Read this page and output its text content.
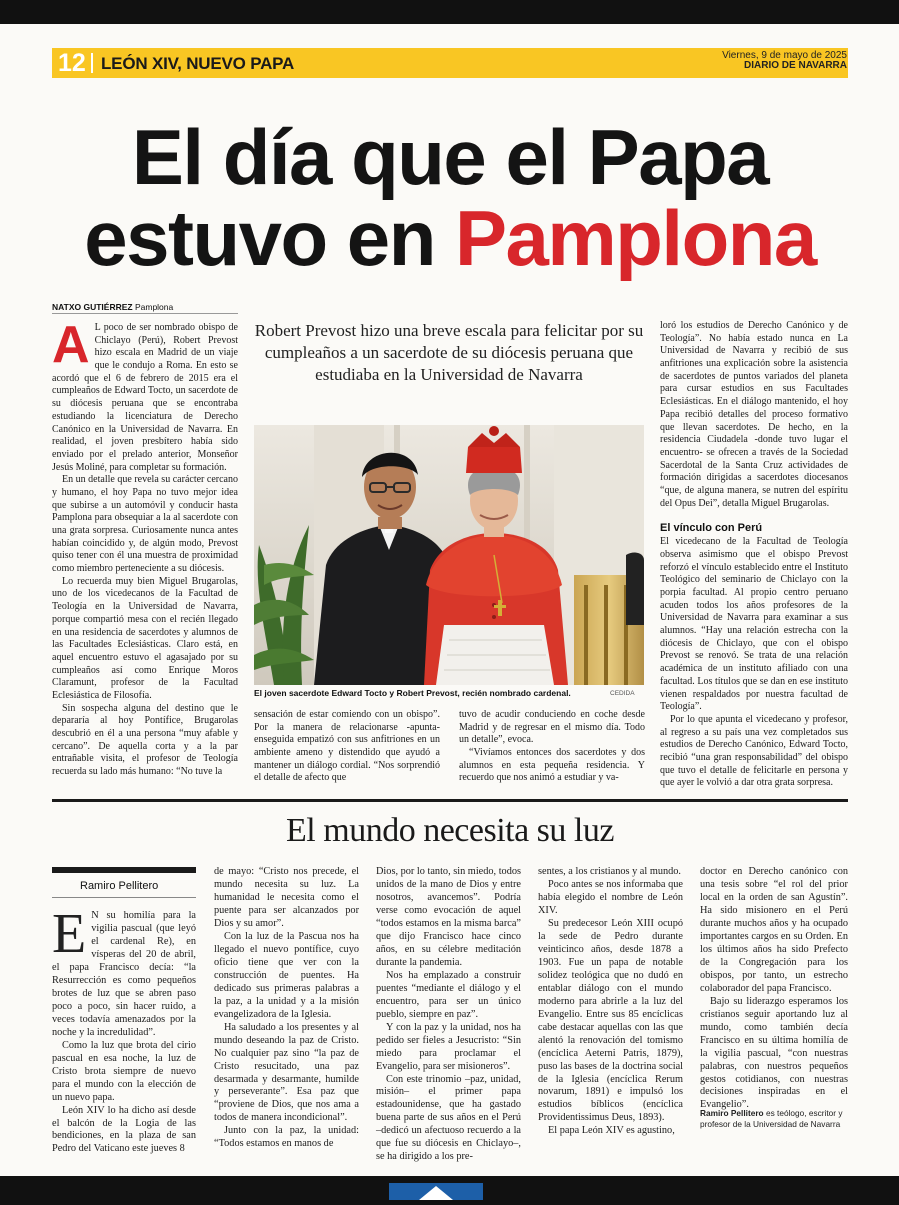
12 LEÓN XIV, NUEVO PAPA	Viernes, 9 de mayo de 2025
DIARIO DE NAVARRA
El día que el Papa
estuvo en Pamplona
NATXO GUTIÉRREZ Pamplona

A L poco de ser nombrado obispo de Chiclayo (Perú), Robert Prevost hizo escala en Madrid de un viaje que le condujo a Roma. En esto se acordó que el 6 de febrero de 2015 era el cumpleaños de Edward Tocto, un sacerdote de su diócesis peruana que se encontraba estudiando la licenciatura de Derecho Canónico en la Universidad de Navarra. En realidad, el joven presbítero había sido enviado por el prelado anterior, Monseñor Jesús Moliné, para completar su formación.

En un detalle que revela su carácter cercano y humano, el hoy Papa no tuvo mejor idea que subirse a un automóvil y conducir hasta Pamplona para obsequiar a la al sacerdote con una grata sorpresa. Curiosamente nunca antes habían coincidido y, de algún modo, Prevost quiso tener con él una muestra de proximidad como miembro perteneciente a su diócesis.

Lo recuerda muy bien Miguel Brugarolas, uno de los vicedecanos de la Facultad de Teología en la Universidad de Navarra, porque compartió mesa con el recién llegado en una residencia de sacerdotes y alumnos de las Facultades Eclesiásticas. Claro está, en aquel encuentro estuvo el agasajado por su cumpleaños así como Enrique Moros Claramunt, profesor de la Facultad Eclesiástica de Filosofía.

Sin sospecha alguna del destino que le depararía al hoy Pontífice, Brugarolas descubrió en él a una persona “muy afable y cercano”. De aquella corta y a la par entrañable visita, el profesor de Teología recuerda su lado más humano: “No tuve la

Robert Prevost hizo una breve escala para felicitar por su cumpleaños a un sacerdote de su diócesis peruana que estudiaba en la Universidad de Navarra
El joven sacerdote Edward Tocto y Robert Prevost, recién nombrado cardenal.	CEDIDA

sensación de estar comiendo con un obispo”. Por la manera de relacionarse -apunta- enseguida empatizó con sus anfitriones en un ambiente ameno y distendido que ayudó a mantener un diálogo cordial. “Nos sorprendió el detalle de afecto que

tuvo de acudir conduciendo en coche desde Madrid y de regresar en el mismo día. Todo un detalle”, evoca.

“Vivíamos entonces dos sacerdotes y dos alumnos en esta pequeña residencia. Y recuerdo que nos animó a estudiar y va-

loró los estudios de Derecho Canónico y de Teología”. No había estado nunca en La Universidad de Navarra y recibió de sus anfitriones una explicación sobre la asistencia de sacerdotes de puntos variados del planeta para cursar estudios en sus Facultades Eclesiásticas. En el diálogo mantenido, el hoy Papa recibió detalles del proceso formativo que llevan sacerdotes. De hecho, en la residencia Ciudadela -donde tuvo lugar el encuentro- se ofrecen a través de la Sociedad Sacerdotal de la Santa Cruz actividades de formación dirigidas a sacerdotes diocesanos “que, de alguna manera, se nutren del espíritu del Opus Dei”, detalla Miguel Brugarolas.

El vínculo con Perú

El vicedecano de la Facultad de Teología observa asimismo que el obispo Prevost reforzó el vínculo establecido entre el Instituto Teológico del seminario de Chiclayo con la porpia facultad. Al propio centro peruano acuden todos los años profesores de la Universidad de Navarra para examinar a sus alumnos. “Hay una relación estrecha con la diócesis de Chiclayo, que con el obispo Prevost se renovó. Se trata de una relación académica de un instituto afiliado con una facultad. Los títulos que se dan en ese instituto vienen respaldados por nuestra facultad de Teología”.

Por lo que apunta el vicedecano y profesor, al regreso a su país una vez completados sus estudios de Derecho Canónico, Edward Tocto, recibió “una gran responsabilidad” del obispo que tuvo el detalle de felicitarle en persona y que ayer le volvió a dar otra grata sorpresa.

El mundo necesita su luz
Ramiro Pellitero

E N su homilía para la vigilia pascual (que leyó el cardenal Re), en vísperas del 20 de abril, el papa Francisco decía: “la Resurrección es como pequeños brotes de luz que se abren paso poco a poco, sin hacer ruido, a veces todavía amenazados por la noche y la incredulidad”.

Como la luz que brota del cirio pascual en esa noche, la luz de Cristo brota siempre de nuevo para el mundo con la elección de un nuevo papa.

León XIV lo ha dicho así desde el balcón de la Logia de las bendiciones, en la plaza de san Pedro del Vaticano este jueves 8

de mayo: “Cristo nos precede, el mundo necesita su luz. La humanidad le necesita como el puente para ser alcanzados por Dios y su amor”.

Con la luz de la Pascua nos ha llegado el nuevo pontífice, cuyo oficio tiene que ver con la construcción de puentes. Ha dedicado sus primeras palabras a la paz, a la unidad y a la misión evangelizadora de la Iglesia.

Ha saludado a los presentes y al mundo deseando la paz de Cristo. No cualquier paz sino “la paz de Cristo resucitado, una paz desarmada y desarmante, humilde y perseverante”. Esa paz que “proviene de Dios, que nos ama a todos de manera incondicional”.

Junto con la paz, la unidad: “Todos estamos en manos de

Dios, por lo tanto, sin miedo, todos unidos de la mano de Dios y entre nosotros, avancemos”. Podría verse como evocación de aquel “todos estamos en la misma barca” que dijo Francisco hace cinco años, en su célebre meditación durante la pandemia.

Nos ha emplazado a construir puentes “mediante el diálogo y el encuentro, para ser un único pueblo, siempre en paz”.

Y con la paz y la unidad, nos ha pedido ser fieles a Jesucristo: “Sin miedo para proclamar el Evangelio, para ser misioneros”.

Con este trinomio –paz, unidad, misión– el primer papa estadounidense, que ha gastado buena parte de sus años en el Perú –dedicó un afectuoso recuerdo a la que fue su diócesis en Chiclayo–, se ha dirigido a los pre-

sentes, a los cristianos y al mundo.

Poco antes se nos informaba que había elegido el nombre de León XIV.

Su predecesor León XIII ocupó la sede de Pedro durante veinticinco años, desde 1878 a 1903. Fue un papa de notable solidez teológica que no dudó en entablar diálogo con el mundo moderno para abrirle a la luz del Evangelio. Entre sus 85 encíclicas cabe destacar aquellas con las que alentó la renovación del tomismo (encíclica Aeterni Patris, 1879), puso las bases de la doctrina social de la Iglesia (encíclica Rerum novarum, 1891) e impulsó los estudios bíblicos (encíclica Providentissimus Deus, 1893).

El papa León XIV es agustino,

doctor en Derecho canónico con una tesis sobre “el rol del prior local en la orden de san Agustín”. Ha sido misionero en el Perú durante muchos años y ha ocupado importantes cargos en su Orden. En los últimos años ha sido Prefecto de la Congregación para los obispos, por tanto, un estrecho colaborador del papa Francisco.

Bajo su liderazgo esperamos los cristianos seguir aportando luz al mundo, como también decía Francisco en su última homilía de la vigilia pascual, “con nuestras palabras, con nuestros pequeños gestos cotidianos, con nuestras decisiones inspiradas en el Evangelio”.

Ramiro Pellitero es teólogo, escritor y profesor de la Universidad de Navarra
